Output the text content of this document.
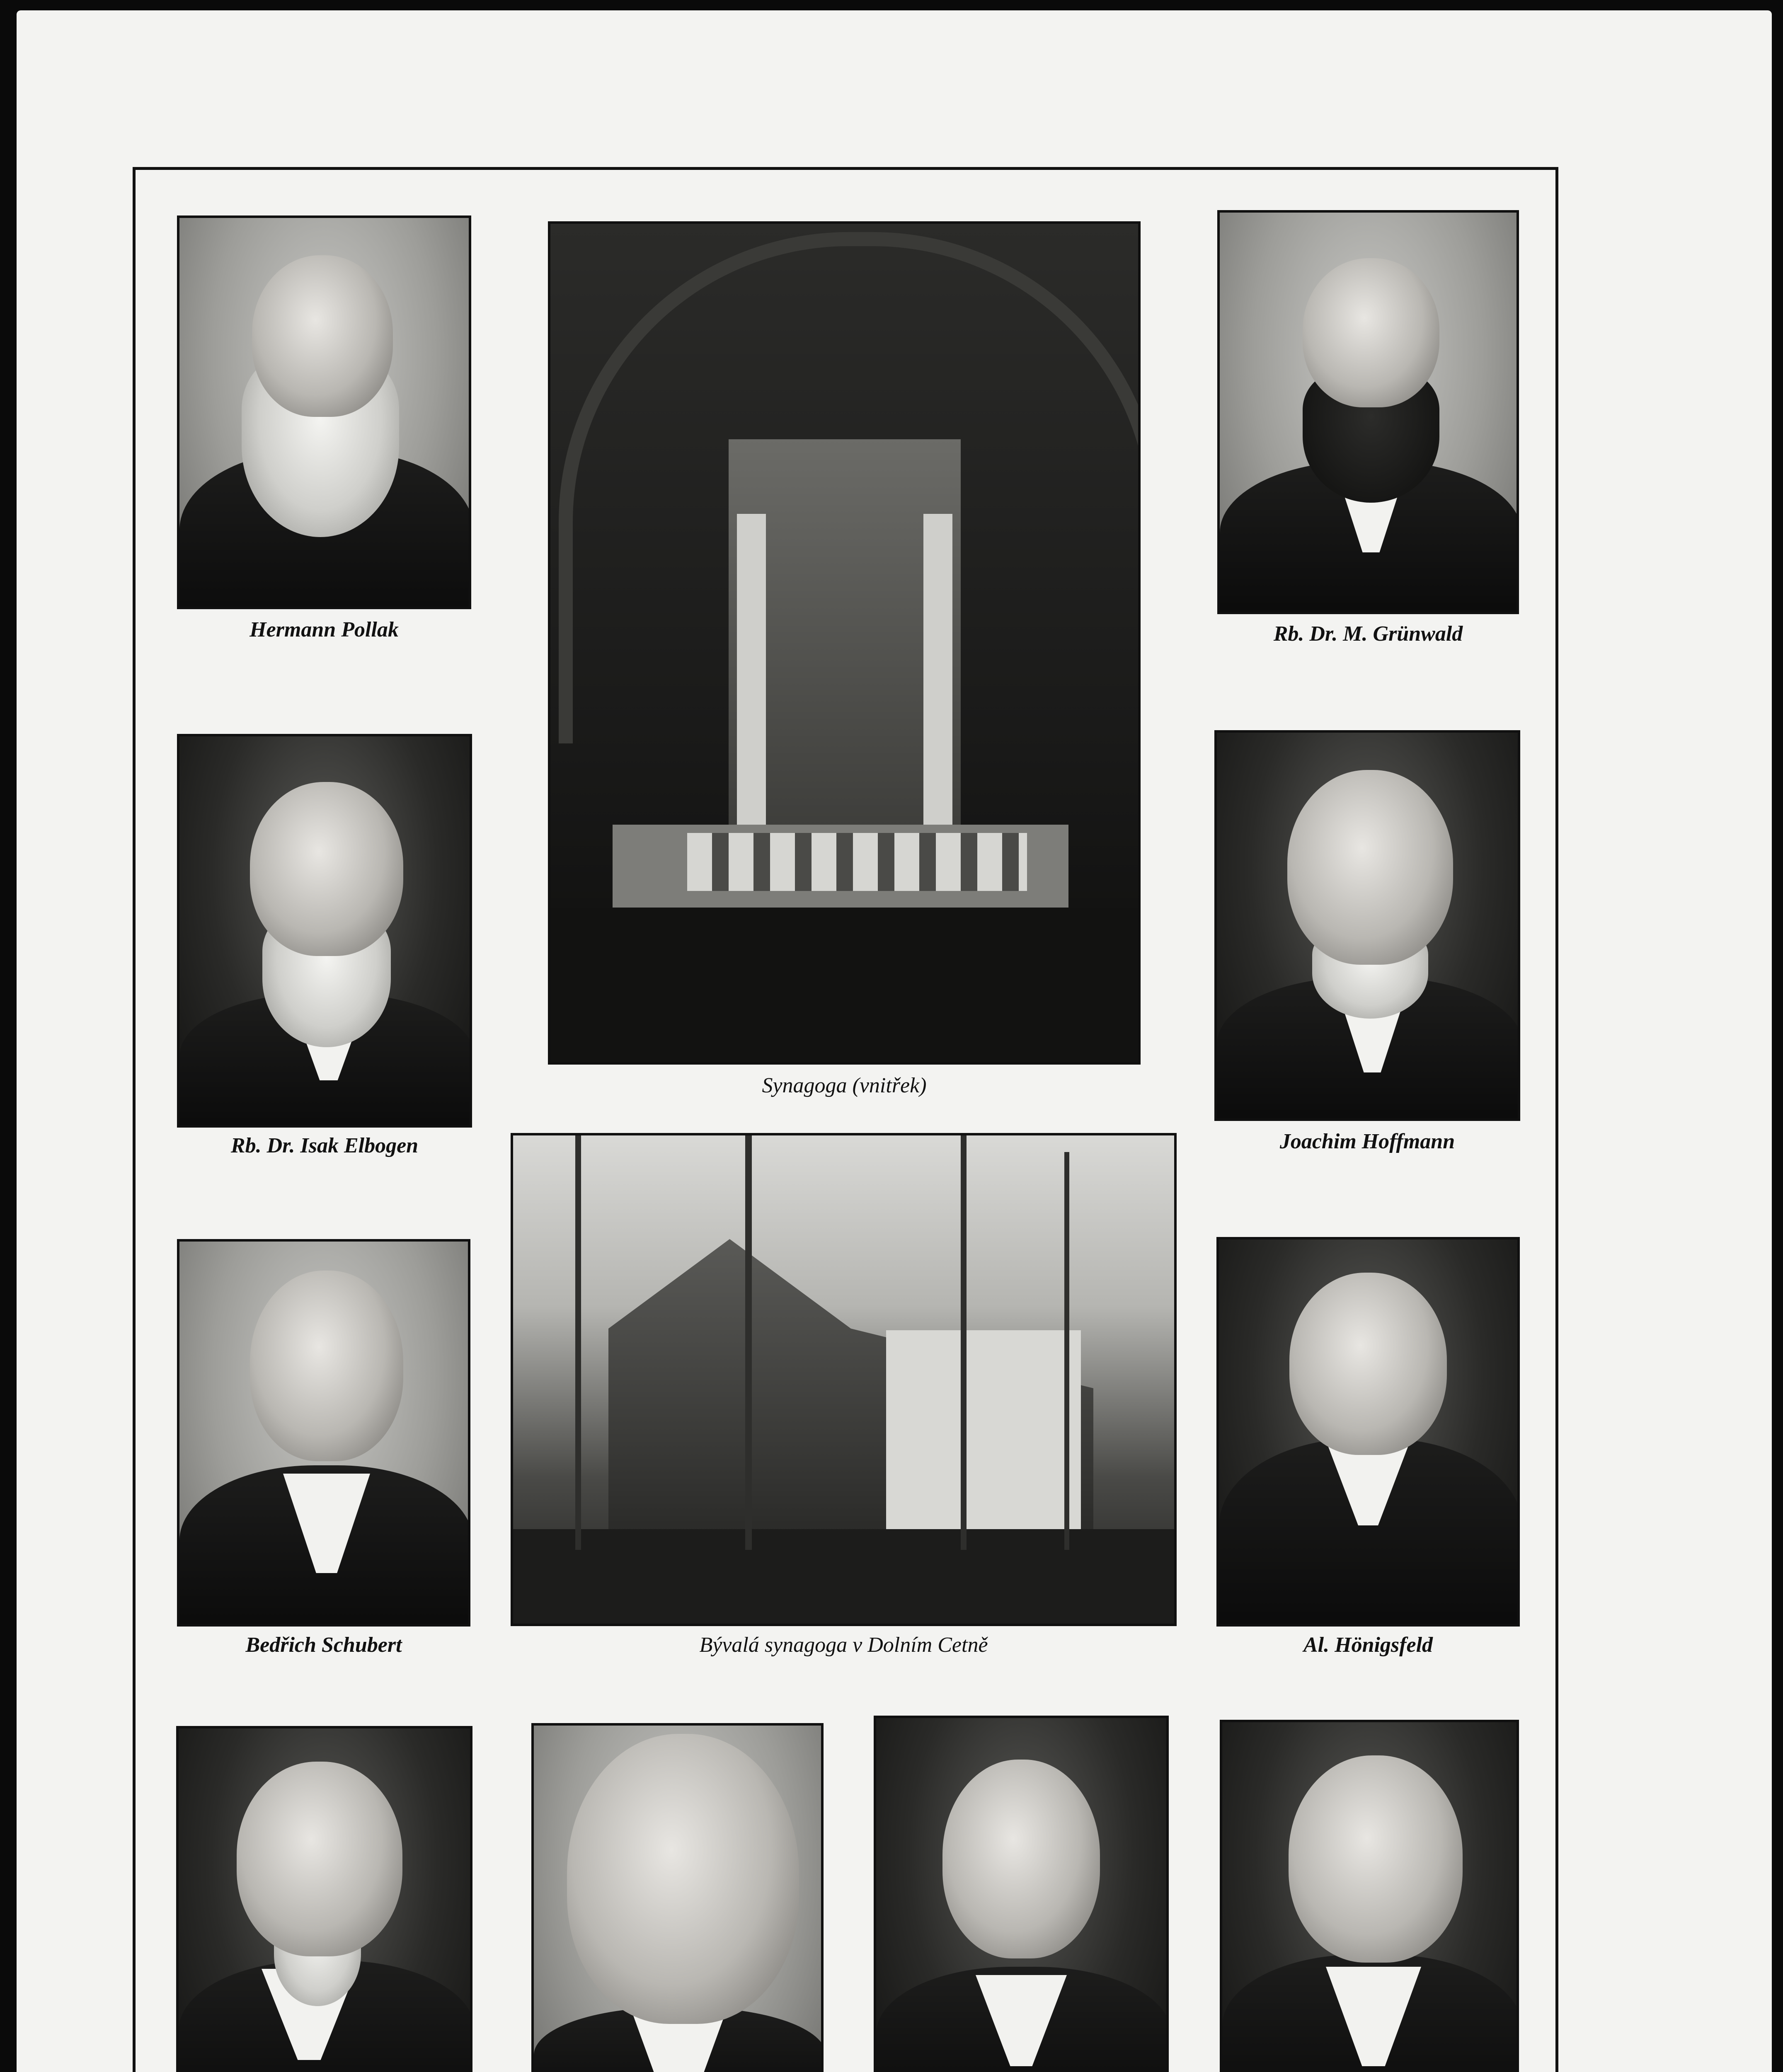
Hermann Pollak
Synagoga (vnitřek)
Rb. Dr. M. Grünwald
Rb. Dr. Isak Elbogen	Joachim Hoffmann
Bedřich Schubert	Bývalá synagoga v Dolním Cetně	Al. Hönigsfeld
